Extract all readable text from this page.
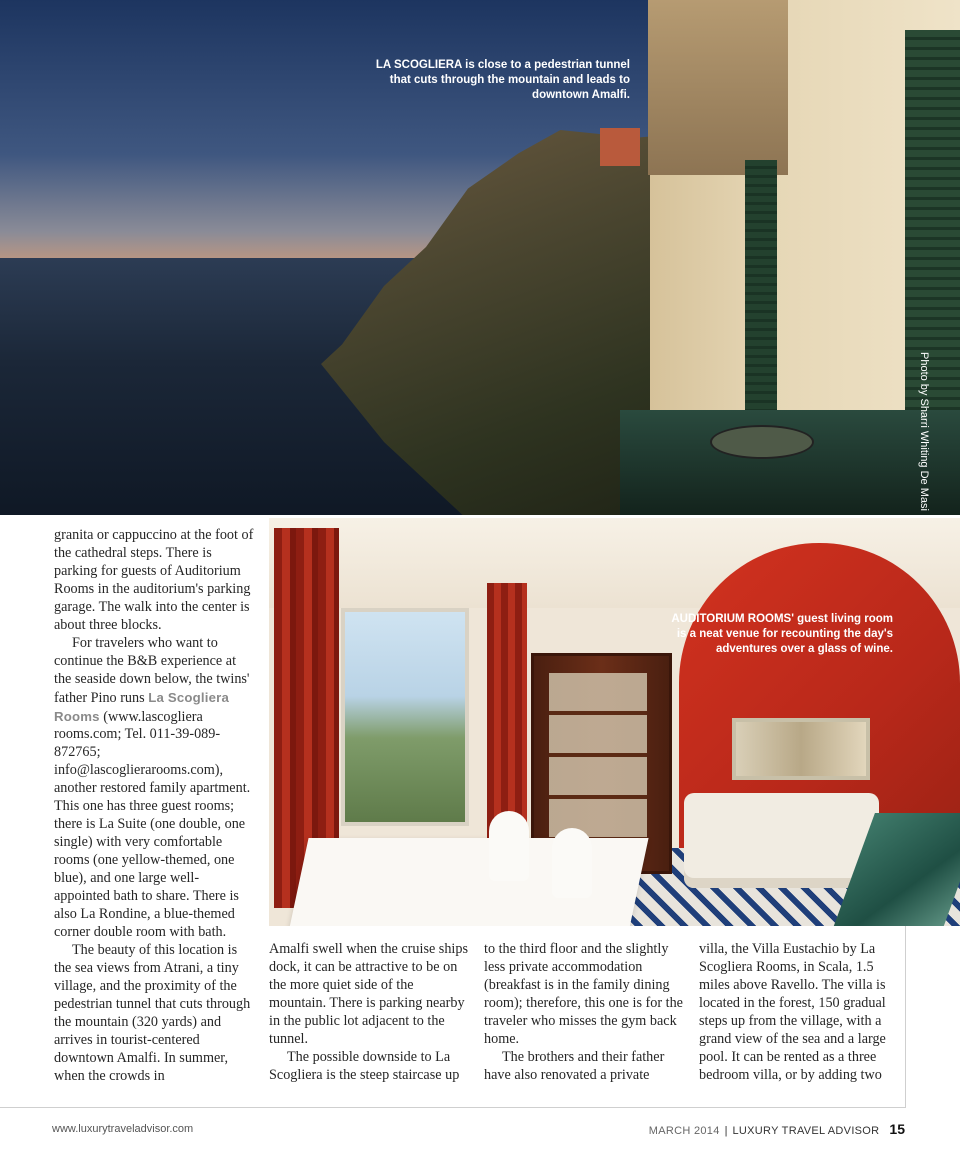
LA SCOGLIERA is close to a pedestrian tunnel that cuts through the mountain and leads to downtown Amalfi.
Photo by Sharri Whiting De Masi
AUDITORIUM ROOMS' guest living room is a neat venue for recounting the day's adventures over a glass of wine.

granita or cappuccino at the foot of the cathedral steps. There is parking for guests of Auditorium Rooms in the auditorium's parking garage. The walk into the center is about three blocks.

For travelers who want to continue the B&B experience at the seaside down below, the twins' father Pino runs La Scogliera Rooms (www.lascogliera rooms.com; Tel. 011-39-089-872765; info@lascoglierarooms.com), another restored family apartment. This one has three guest rooms; there is La Suite (one double, one single) with very comfortable rooms (one yellow-themed, one blue), and one large well-appointed bath to share. There is also La Rondine, a blue-themed corner double room with bath.

The beauty of this location is the sea views from Atrani, a tiny village, and the proximity of the pedestrian tunnel that cuts through the mountain (320 yards) and arrives in tourist-centered downtown Amalfi. In summer, when the crowds in

Amalfi swell when the cruise ships dock, it can be attractive to be on the more quiet side of the mountain. There is parking nearby in the public lot adjacent to the tunnel.

The possible downside to La Scogliera is the steep staircase up

to the third floor and the slightly less private accommodation (breakfast is in the family dining room); therefore, this one is for the traveler who misses the gym back home.

The brothers and their father have also renovated a private

villa, the Villa Eustachio by La Scogliera Rooms, in Scala, 1.5 miles above Ravello. The villa is located in the forest, 150 gradual steps up from the village, with a grand view of the sea and a large pool. It can be rented as a three bedroom villa, or by adding two

www.luxurytraveladvisor.com	MARCH 2014 | LUXURY TRAVEL ADVISOR 15
